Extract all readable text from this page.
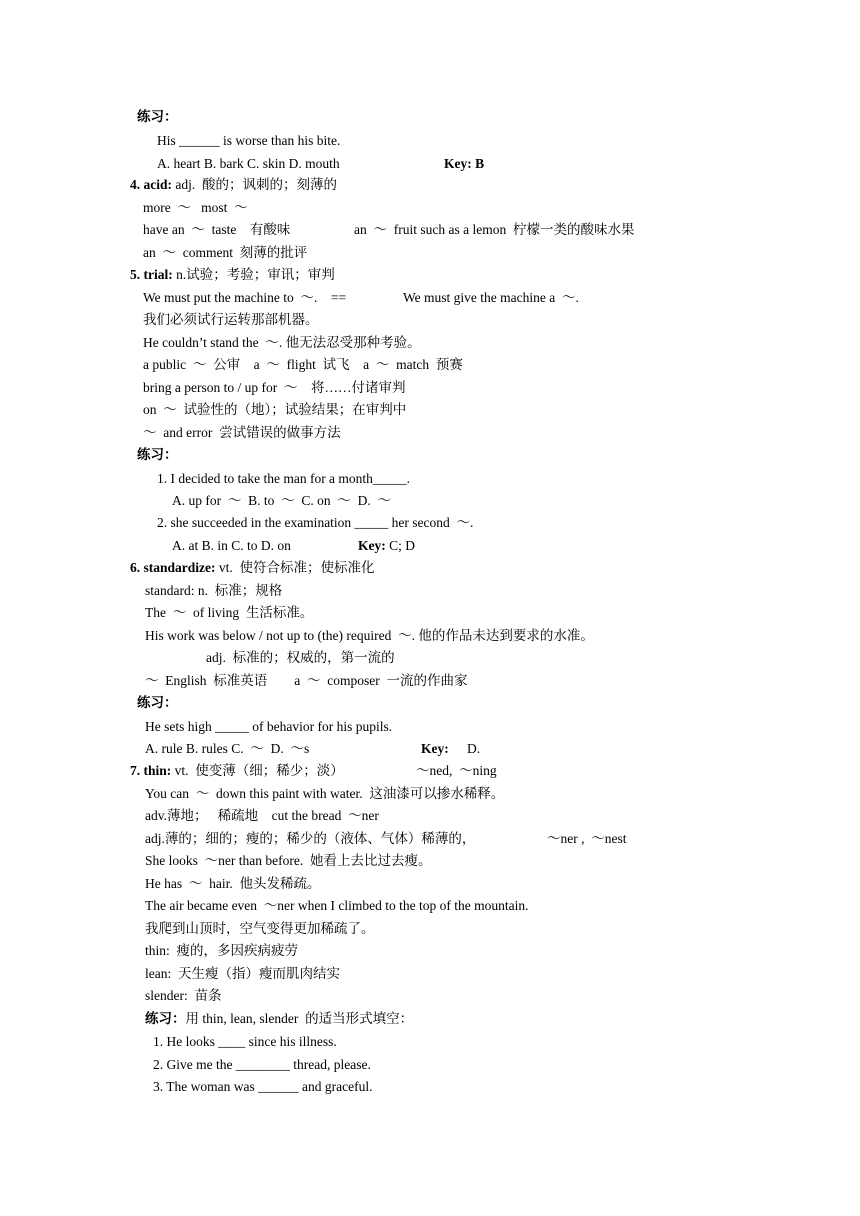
练习：
His ______ is worse than his bite.
A. heart B. bark C. skin D. mouth	Key: B
4. acid: adj.  酸的；讽刺的；刻薄的
more  ～   most  ～
have an  ～  taste    有酸味	an  ～  fruit such as a lemon  柠檬一类的酸味水果
an  ～  comment  刻薄的批评
5. trial: n.试验；考验；审讯；审判
We must put the machine to  ～.    ==	We must give the machine a  ～.
我们必须试行运转那部机器。
He couldn’t stand the  ～. 他无法忍受那种考验。
a public  ～  公审    a  ～  flight  试飞    a  ～  match  预赛
bring a person to / up for  ～    将……付诸审判
on  ～  试验性的（地）；试验结果；在审判中
～  and error  尝试错误的做事方法
练习：
1. I decided to take the man for a month_____.
A. up for  ～  B. to  ～  C. on  ～  D.  ～
2. she succeeded in the examination _____ her second  ～.
A. at B. in C. to D. on	Key: C; D
6. standardize: vt.  使符合标准；使标准化
standard: n.  标准；规格
The  ～  of living  生活标准。
His work was below / not up to (the) required  ～. 他的作品未达到要求的水准。
adj.  标准的；权威的，第一流的
～  English  标准英语        a  ～  composer  一流的作曲家
练习：
He sets high _____ of behavior for his pupils.
A. rule B. rules C.  ～  D.  ～s	Key: D.
7. thin: vt.  使变薄（细；稀少；淡）	～ned,  ～ning
You can  ～  down this paint with water.  这油漆可以掺水稀释。
adv.薄地；   稀疏地    cut the bread  ～ner
adj.薄的；细的；瘦的；稀少的（液体、气体）稀薄的，	～ner ,  ～nest
She looks  ～ner than before.  她看上去比过去瘦。
He has  ～  hair.  他头发稀疏。
The air became even  ～ner when I climbed to the top of the mountain.
我爬到山顶时，空气变得更加稀疏了。
thin:  瘦的，多因疾病疲劳
lean:  天生瘦（指）瘦而肌肉结实
slender:  苗条
练习：用 thin, lean, slender  的适当形式填空：
1. He looks ____ since his illness.
2. Give me the ________ thread, please.
3. The woman was ______ and graceful.
